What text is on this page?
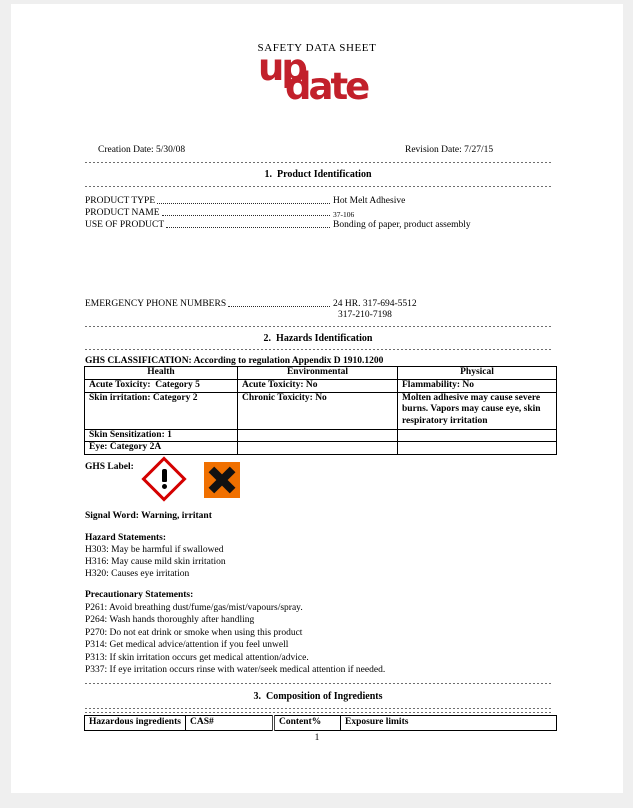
SAFETY DATA SHEET
up
date
Creation Date: 5/30/08	Revision Date: 7/27/15
1.  Product Identification
PRODUCT TYPE	Hot Melt Adhesive
PRODUCT NAME	37-106
USE OF PRODUCT	Bonding of paper, product assembly
EMERGENCY PHONE NUMBERS	24 HR. 317-694-5512
317-210-7198
2.  Hazards Identification
GHS CLASSIFICATION: According to regulation Appendix D 1910.1200
Health	Environmental	Physical
Acute Toxicity:  Category 5	Acute Toxicity: No	Flammability: No
Skin irritation: Category 2	Chronic Toxicity: No	Molten adhesive may cause severe burns. Vapors may cause eye, skin respiratory irritation
Skin Sensitization: 1		
Eye: Category 2A		
GHS Label:
Signal Word: Warning, irritant
Hazard Statements:
H303: May be harmful if swallowed
H316: May cause mild skin irritation
H320: Causes eye irritation
Precautionary Statements:
P261: Avoid breathing dust/fume/gas/mist/vapours/spray.
P264: Wash hands thoroughly after handling
P270: Do not eat drink or smoke when using this product
P314: Get medical advice/attention if you feel unwell
P313: If skin irritation occurs get medical attention/advice.
P337: If eye irritation occurs rinse with water/seek medical attention if needed.
3.  Composition of Ingredients
Hazardous ingredients	CAS#	Content%	Exposure limits
1
